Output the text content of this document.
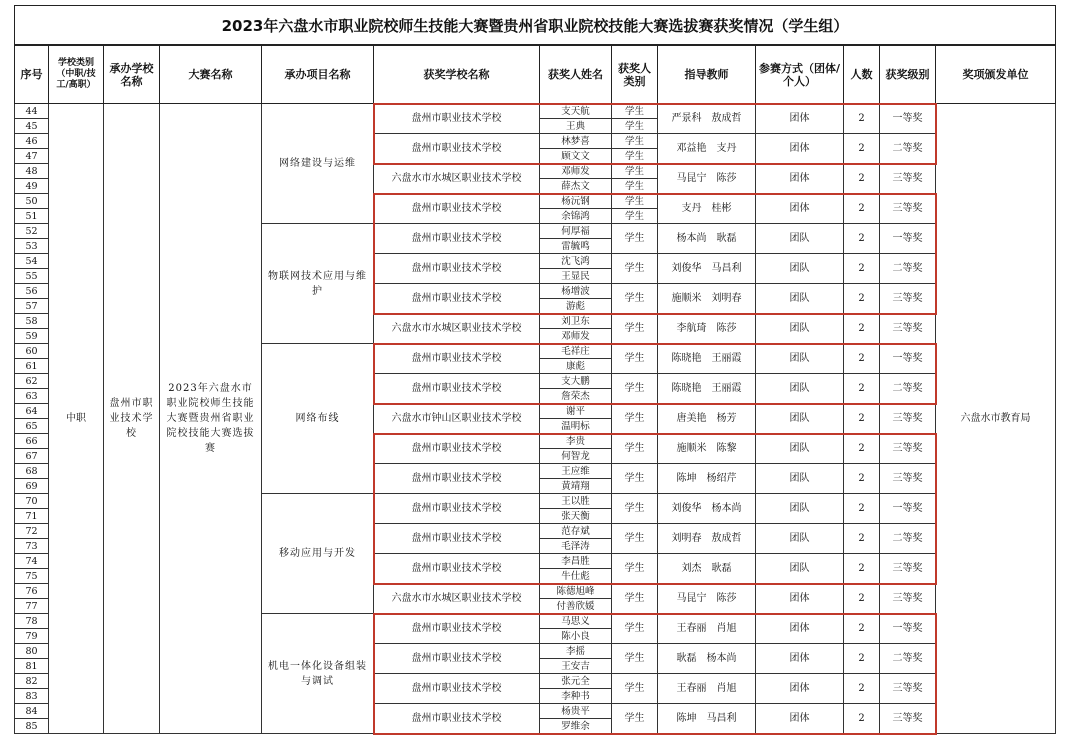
2023年六盘水市职业院校师生技能大赛暨贵州省职业院校技能大赛选拔赛获奖情况（学生组）
序号	学校类别（中职/技工/高职）	承办学校名称	大赛名称	承办项目名称	获奖学校名称	获奖人姓名	获奖人类别	指导教师	参赛方式（团体/个人）	人数	获奖级别	奖项颁发单位
44	中职	盘州市职业技术学校	2023年六盘水市职业院校师生技能大赛暨贵州省职业院校技能大赛选拔赛	网络建设与运维	盘州市职业技术学校	支天航	学生	严景科　敖成哲	团体	2	一等奖	六盘水市教育局
45						王典	学生					
46					盘州市职业技术学校	林梦喜	学生	邓益艳　支丹	团体	2	二等奖	
47						顾文文	学生					
48					六盘水市水城区职业技术学校	邓师发	学生	马昆宁　陈莎	团体	2	三等奖	
49						薛杰文	学生					
50					盘州市职业技术学校	杨沅钢	学生	支丹　桂彬	团体	2	三等奖	
51						余锦鸿	学生					
52				物联网技术应用与维护	盘州市职业技术学校	何厚福	学生	杨本尚　耿磊	团队	2	一等奖	
53						雷毓鸣						
54					盘州市职业技术学校	沈飞鸿	学生	刘俊华　马昌利	团队	2	二等奖	
55						王显民						
56					盘州市职业技术学校	杨增波	学生	施顺米　刘明春	团队	2	三等奖	
57						游彪						
58					六盘水市水城区职业技术学校	刘卫东	学生	李航琦　陈莎	团队	2	三等奖	
59						邓师发						
60				网络布线	盘州市职业技术学校	毛祥庄	学生	陈晓艳　王丽霞	团队	2	一等奖	
61						康彪						
62					盘州市职业技术学校	支大鹏	学生	陈晓艳　王丽霞	团队	2	二等奖	
63						詹荣杰						
64					六盘水市钟山区职业技术学校	谢平	学生	唐美艳　杨芳	团队	2	三等奖	
65						温明标						
66					盘州市职业技术学校	李贵	学生	施顺米　陈黎	团队	2	三等奖	
67						何智龙						
68					盘州市职业技术学校	王应维	学生	陈坤　杨绍芹	团队	2	三等奖	
69						黄靖翔						
70				移动应用与开发	盘州市职业技术学校	王以胜	学生	刘俊华　杨本尚	团队	2	一等奖	
71						张天衡						
72					盘州市职业技术学校	范存斌	学生	刘明春　敖成哲	团队	2	二等奖	
73						毛泽涛						
74					盘州市职业技术学校	李昌胜	学生	刘杰　耿磊	团队	2	三等奖	
75						牛仕彪						
76					六盘水市水城区职业技术学校	陈德旭峰	学生	马昆宁　陈莎	团体	2	三等奖	
77						付善欣媛						
78				机电一体化设备组装与调试	盘州市职业技术学校	马思义	学生	王春丽　肖旭	团体	2	一等奖	
79						陈小良						
80					盘州市职业技术学校	李摇	学生	耿磊　杨本尚	团体	2	二等奖	
81						王安吉						
82					盘州市职业技术学校	张元全	学生	王春丽　肖旭	团体	2	三等奖	
83						李种书						
84					盘州市职业技术学校	杨贵平	学生	陈坤　马昌利	团体	2	三等奖	
85						罗维余						
